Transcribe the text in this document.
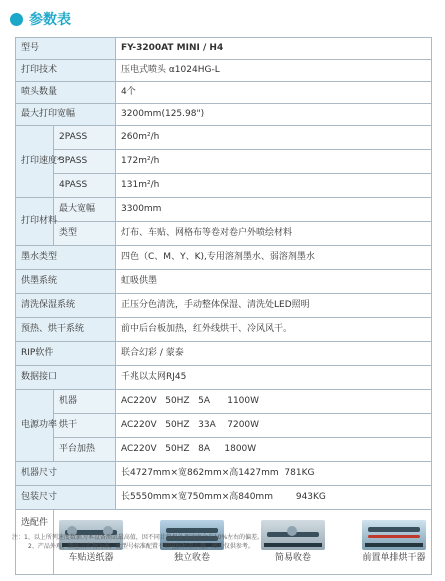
参数表
型号		FY-3200AT MINI / H4
打印技术		压电式喷头 α1024HG-L
喷头数量		4个
最大打印宽幅		3200mm(125.98")
打印速度*	2PASS	260m²/h
	3PASS	172m²/h
	4PASS	131m²/h
打印材料	最大宽幅	3300mm
	类型	灯布、车贴、网格布等卷对卷户外喷绘材料
墨水类型		四色（C、M、Y、K),专用溶剂墨水、弱溶剂墨水
供墨系统		虹吸供墨
清洗保湿系统		正压分色清洗，手动整体保湿、清洗处LED照明
预热、烘干系统		前中后台板加热，红外线烘干、冷风风干。
RIP软件		联合幻彩 / 蒙泰
数据接口		千兆以太网RJ45
电源功率	机器	AC220V   50HZ   5A      1100W
	烘干	AC220V   50HZ   33A    7200W
	平台加热	AC220V   50HZ   8A     1800W
机器尺寸		长4727mm×宽862mm×高1427mm  781KG
包装尺寸		长5550mm×宽750mm×高840mm        943KG
选配件	车贴送纸器 独立收卷 简易收卷 前置单排烘干器	
注：1、以上所列速度数据为本设备测试最高值，因不同计算机处理速度会有10%左右的偏差。
2、产品外观、颜色以实物为准，此型号标准配置不带电脑和显示器，图片仅供参考。
